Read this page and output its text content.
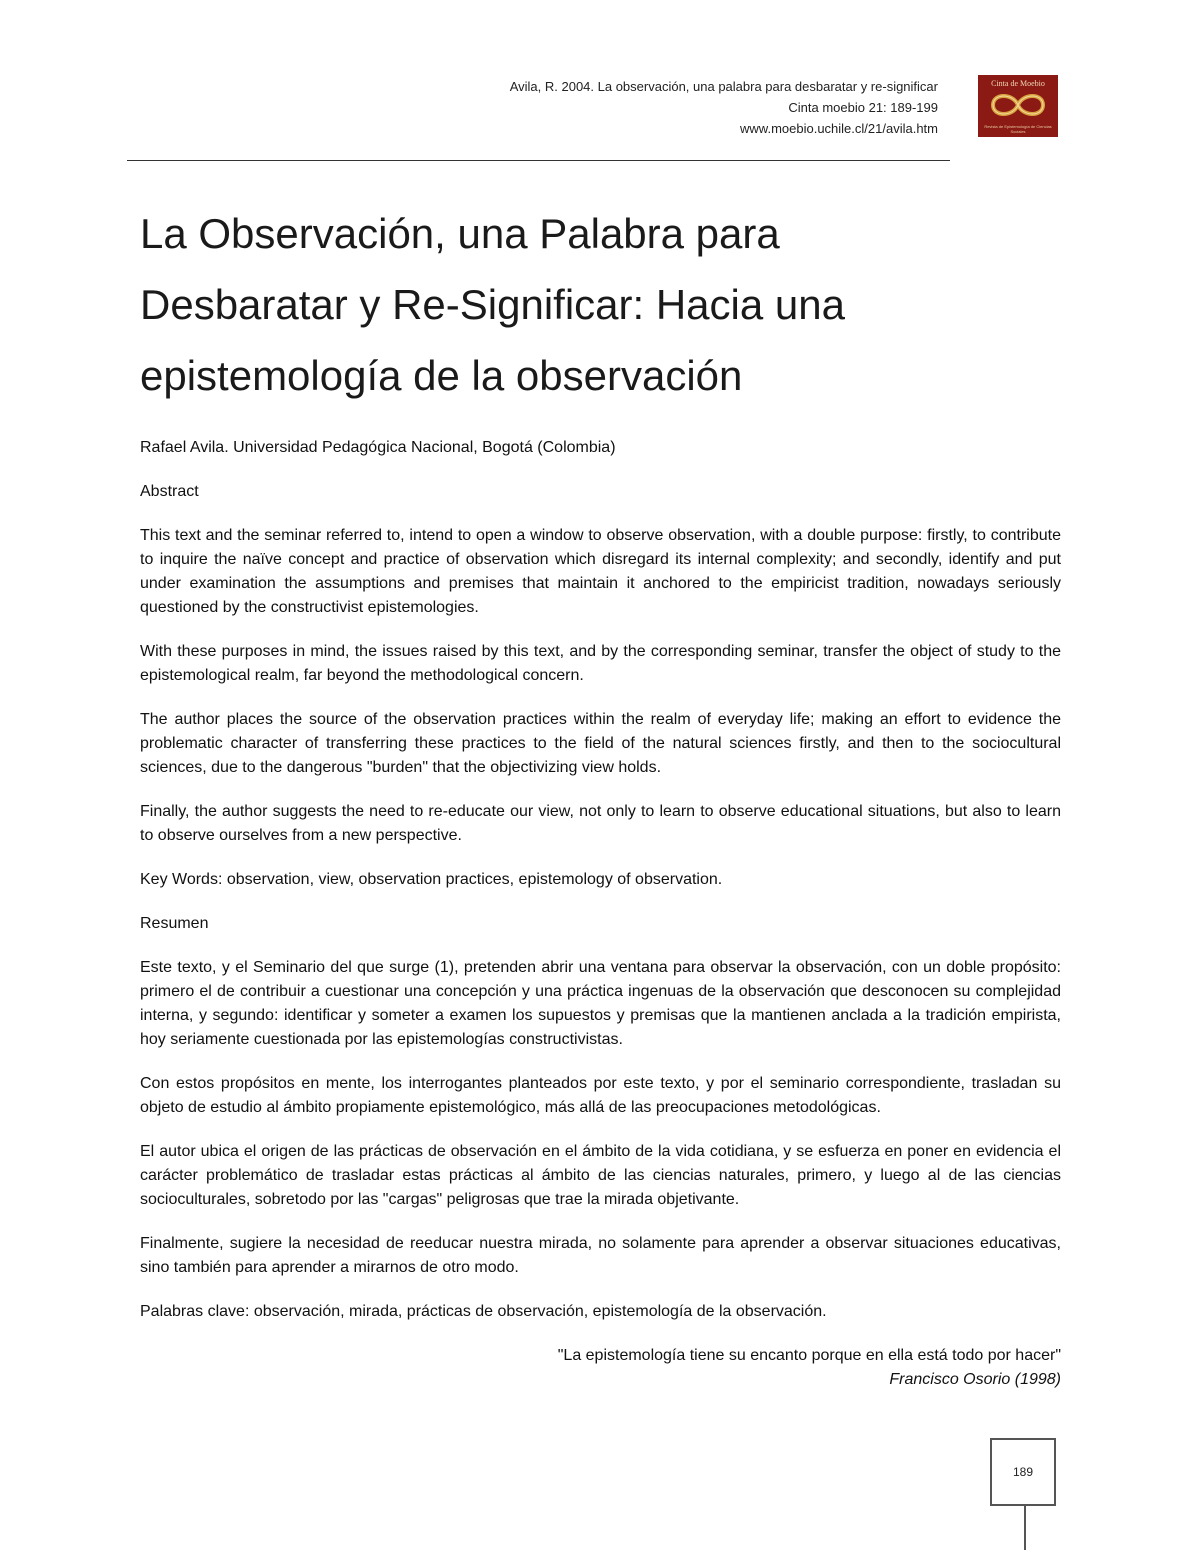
Avila, R. 2004. La observación, una palabra para desbaratar y re-significar
Cinta moebio 21: 189-199
www.moebio.uchile.cl/21/avila.htm
Cinta de Moebio
Revista de Epistemología de Ciencias Sociales
La Observación, una Palabra para
Desbaratar y Re-Significar: Hacia una
epistemología de la observación

Rafael Avila. Universidad Pedagógica Nacional, Bogotá (Colombia)

Abstract

This text and the seminar referred to, intend to open a window to observe observation, with a double purpose: firstly, to contribute to inquire the naïve concept and practice of observation which disregard its internal complexity; and secondly, identify and put under examination the assumptions and premises that maintain it anchored to the empiricist tradition, nowadays seriously questioned by the constructivist epistemologies.

With these purposes in mind, the issues raised by this text, and by the corresponding seminar, transfer the object of study to the epistemological realm, far beyond the methodological concern.

The author places the source of the observation practices within the realm of everyday life; making an effort to evidence the problematic character of transferring these practices to the field of the natural sciences firstly, and then to the sociocultural sciences, due to the dangerous "burden" that the objectivizing view holds.

Finally, the author suggests the need to re-educate our view, not only to learn to observe educational situations, but also to learn to observe ourselves from a new perspective.

Key Words: observation, view, observation practices, epistemology of observation.

Resumen

Este texto, y el Seminario del que surge (1), pretenden abrir una ventana para observar la observación, con un doble propósito: primero el de contribuir a cuestionar una concepción y una práctica ingenuas de la observación que desconocen su complejidad interna, y segundo: identificar y someter a examen los supuestos y premisas que la mantienen anclada a la tradición empirista, hoy seriamente cuestionada por las epistemologías constructivistas.

Con estos propósitos en mente, los interrogantes planteados por este texto, y por el seminario correspondiente, trasladan su objeto de estudio al ámbito propiamente epistemológico, más allá de las preocupaciones metodológicas.

El autor ubica el origen de las prácticas de observación en el ámbito de la vida cotidiana, y se esfuerza en poner en evidencia el carácter problemático de trasladar estas prácticas al ámbito de las ciencias naturales, primero, y luego al de las ciencias socioculturales, sobretodo por las "cargas" peligrosas que trae la mirada objetivante.

Finalmente, sugiere la necesidad de reeducar nuestra mirada, no solamente para aprender a observar situaciones educativas, sino también para aprender a mirarnos de otro modo.

Palabras clave: observación, mirada, prácticas de observación, epistemología de la observación.

"La epistemología tiene su encanto porque en ella está todo por hacer"
Francisco Osorio (1998)

189
